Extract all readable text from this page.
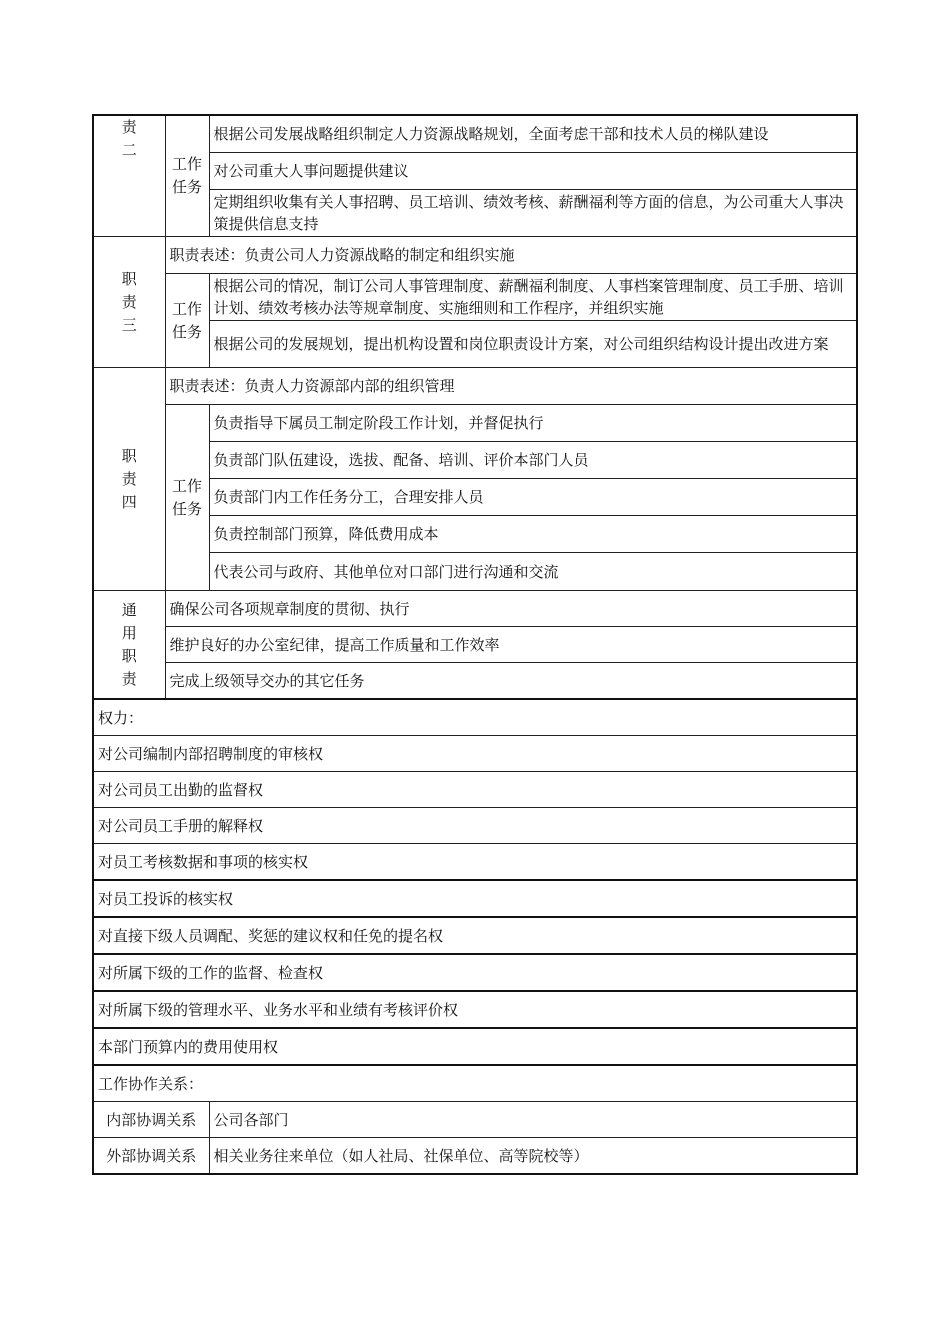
责二	工作任务	根据公司发展战略组织制定人力资源战略规划，全面考虑干部和技术人员的梯队建设
		对公司重大人事问题提供建议
		定期组织收集有关人事招聘、员工培训、绩效考核、薪酬福利等方面的信息，为公司重大人事决策提供信息支持
职责三	职责表述：负责公司人力资源战略的制定和组织实施	
	工作任务	根据公司的情况，制订公司人事管理制度、薪酬福利制度、人事档案管理制度、员工手册、培训计划、绩效考核办法等规章制度、实施细则和工作程序，并组织实施
		根据公司的发展规划，提出机构设置和岗位职责设计方案，对公司组织结构设计提出改进方案
职责四	职责表述：负责人力资源部内部的组织管理	
	工作任务	负责指导下属员工制定阶段工作计划，并督促执行
		负责部门队伍建设，选拔、配备、培训、评价本部门人员
		负责部门内工作任务分工，合理安排人员
		负责控制部门预算，降低费用成本
		代表公司与政府、其他单位对口部门进行沟通和交流
通用职责	确保公司各项规章制度的贯彻、执行	
	维护良好的办公室纪律，提高工作质量和工作效率	
	完成上级领导交办的其它任务	
权力：		
对公司编制内部招聘制度的审核权		
对公司员工出勤的监督权		
对公司员工手册的解释权		
对员工考核数据和事项的核实权		
对员工投诉的核实权		
对直接下级人员调配、奖惩的建议权和任免的提名权		
对所属下级的工作的监督、检查权		
对所属下级的管理水平、业务水平和业绩有考核评价权		
本部门预算内的费用使用权		
工作协作关系：		
内部协调关系		公司各部门
外部协调关系		相关业务往来单位（如人社局、社保单位、高等院校等）
